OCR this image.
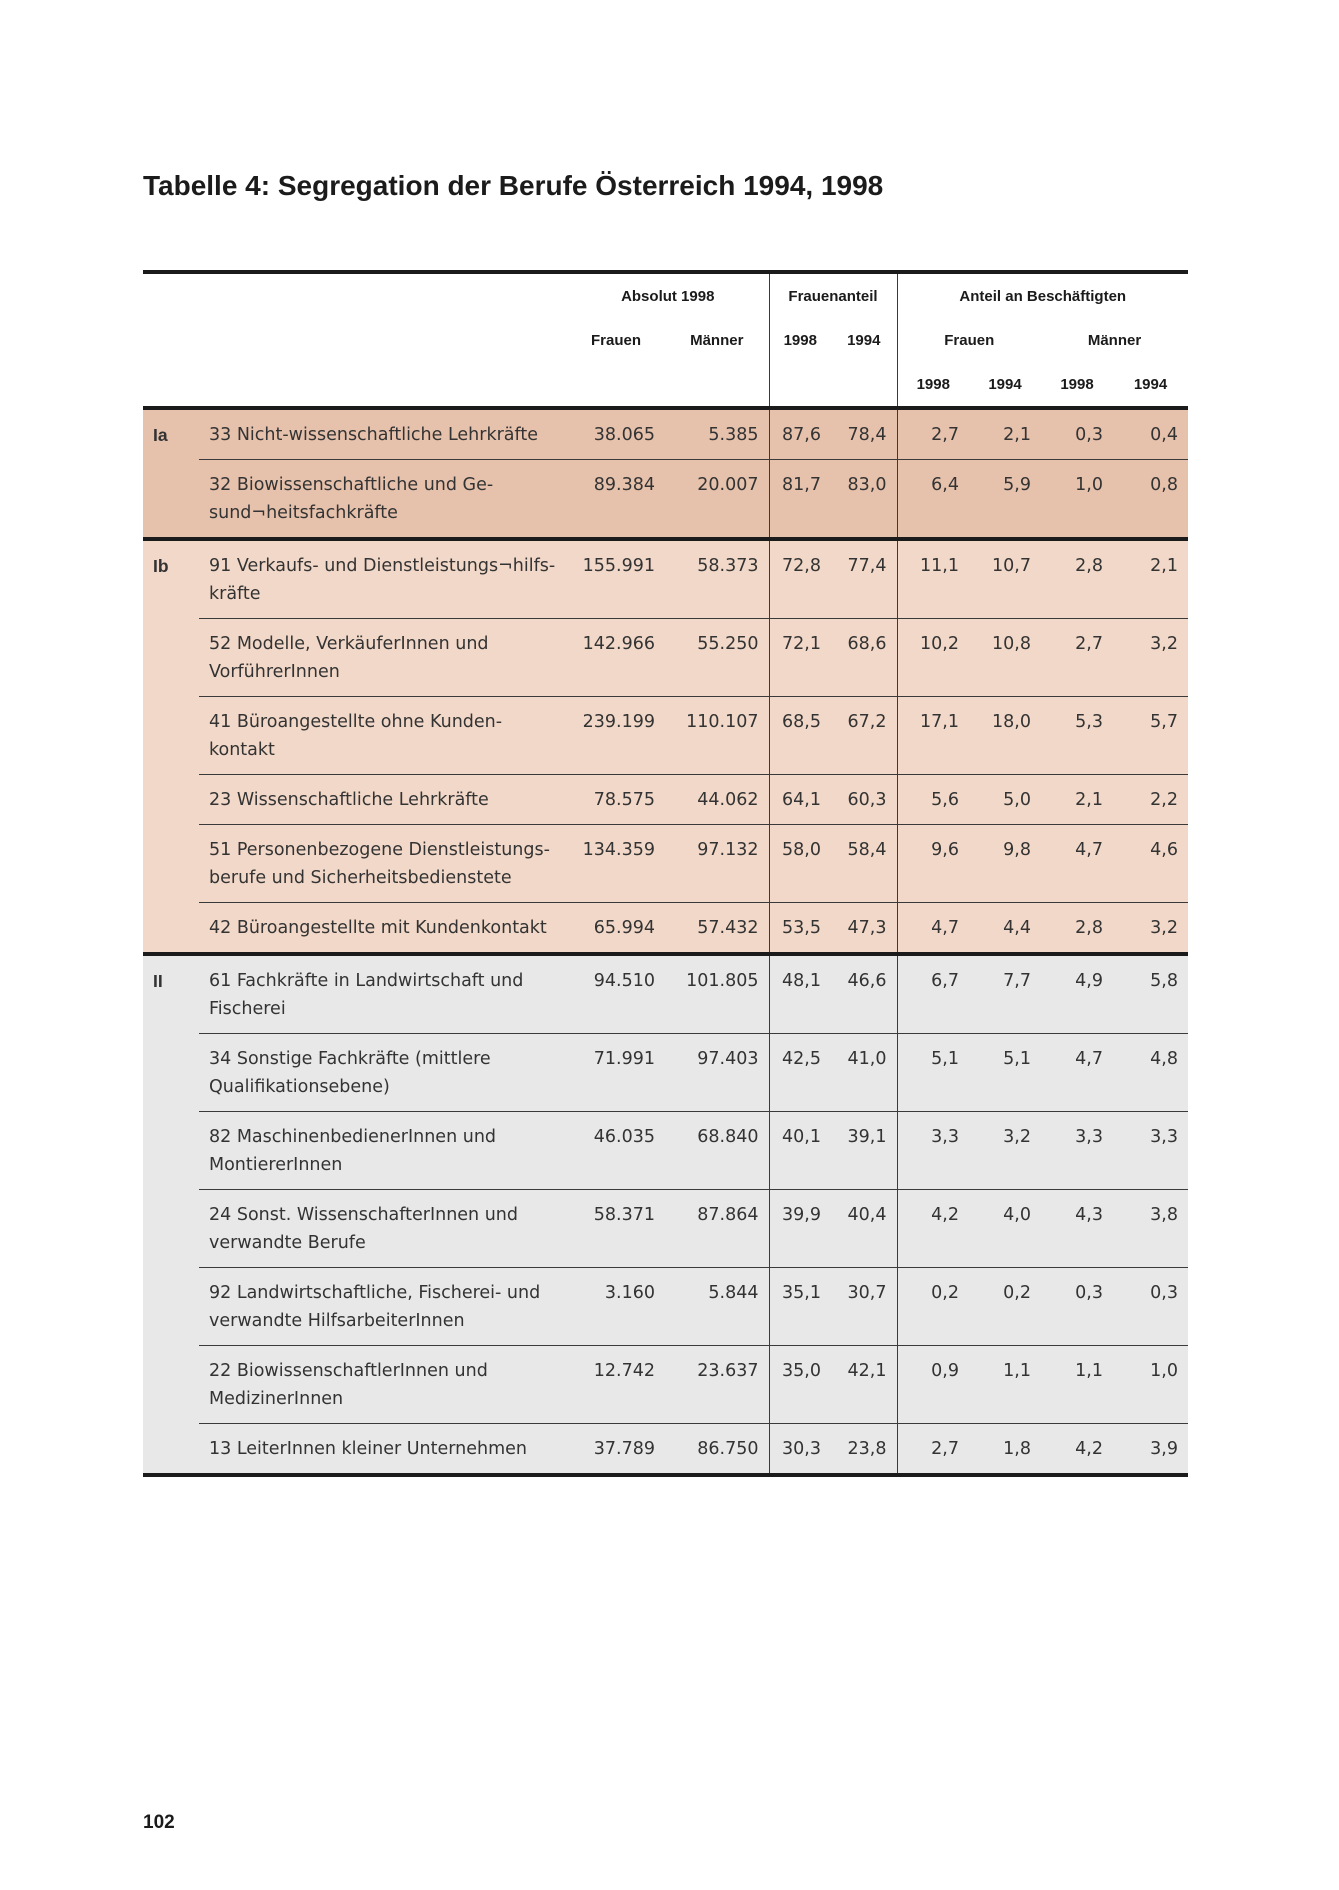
Tabelle 4: Segregation der Berufe Österreich 1994, 1998
		Absolut 1998		Frauenanteil		Anteil an Beschäftigten			
		Frauen	Männer	1998	1994	Frauen		Männer	
						1998	1994	1998	1994
Ia	33 Nicht-wissenschaftliche Lehrkräfte	38.065	5.385	87,6	78,4	2,7	2,1	0,3	0,4
	32 Biowissenschaftliche und Gesund¬heitsfachkräfte	89.384	20.007	81,7	83,0	6,4	5,9	1,0	0,8
Ib	91 Verkaufs- und Dienstleistungs¬hilfskräfte	155.991	58.373	72,8	77,4	11,1	10,7	2,8	2,1
	52 Modelle, VerkäuferInnen und VorführerInnen	142.966	55.250	72,1	68,6	10,2	10,8	2,7	3,2
	41 Büroangestellte ohne Kundenkontakt	239.199	110.107	68,5	67,2	17,1	18,0	5,3	5,7
	23 Wissenschaftliche Lehrkräfte	78.575	44.062	64,1	60,3	5,6	5,0	2,1	2,2
	51 Personenbezogene Dienstleistungsberufe und Sicherheitsbedienstete	134.359	97.132	58,0	58,4	9,6	9,8	4,7	4,6
	42 Büroangestellte mit Kundenkontakt	65.994	57.432	53,5	47,3	4,7	4,4	2,8	3,2
II	61 Fachkräfte in Landwirtschaft und Fischerei	94.510	101.805	48,1	46,6	6,7	7,7	4,9	5,8
	34 Sonstige Fachkräfte (mittlere Qualifikationsebene)	71.991	97.403	42,5	41,0	5,1	5,1	4,7	4,8
	82 MaschinenbedienerInnen und MontiererInnen	46.035	68.840	40,1	39,1	3,3	3,2	3,3	3,3
	24 Sonst. WissenschafterInnen und verwandte Berufe	58.371	87.864	39,9	40,4	4,2	4,0	4,3	3,8
	92 Landwirtschaftliche, Fischerei- und verwandte HilfsarbeiterInnen	3.160	5.844	35,1	30,7	0,2	0,2	0,3	0,3
	22 BiowissenschaftlerInnen und MedizinerInnen	12.742	23.637	35,0	42,1	0,9	1,1	1,1	1,0
	13 LeiterInnen kleiner Unternehmen	37.789	86.750	30,3	23,8	2,7	1,8	4,2	3,9
102
